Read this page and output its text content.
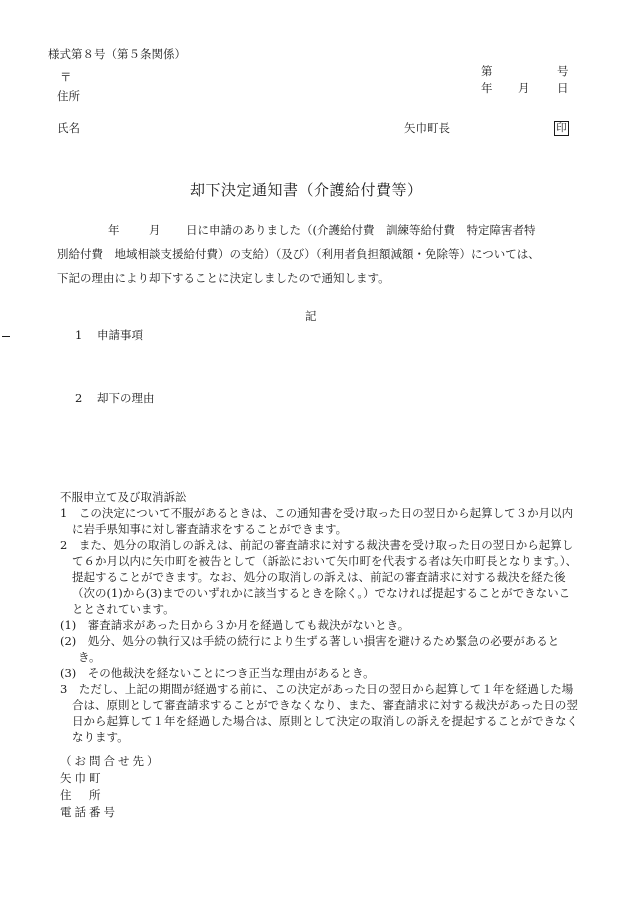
様式第８号（第５条関係）
〒
住所
第	号
年 月 日
氏名	矢巾町長	印
却下決定通知書（介護給付費等）
年	月 日に申請のありました（(介護給付費　訓練等給付費　特定障害者特
別給付費　地域相談支援給付費）の支給）（及び）（利用者負担額減額・免除等）については、
下記の理由により却下することに決定しましたので通知します。
記
1 申請事項
2 却下の理由

不服申立て及び取消訴訟

1　この決定について不服があるときは、この通知書を受け取った日の翌日から起算して３か月以内に岩手県知事に対し審査請求をすることができます。

2　また、処分の取消しの訴えは、前記の審査請求に対する裁決書を受け取った日の翌日から起算して６か月以内に矢巾町を被告として（訴訟において矢巾町を代表する者は矢巾町長となります。）、提起することができます。なお、処分の取消しの訴えは、前記の審査請求に対する裁決を経た後（次の(1)から(3)までのいずれかに該当するときを除く。）でなければ提起することができないこととされています。

(1)　審査請求があった日から３か月を経過しても裁決がないとき。

(2)　処分、処分の執行又は手続の続行により生ずる著しい損害を避けるため緊急の必要があるとき。

(3)　その他裁決を経ないことにつき正当な理由があるとき。

3　ただし、上記の期間が経過する前に、この決定があった日の翌日から起算して１年を経過した場合は、原則として審査請求することができなくなり、また、審査請求に対する裁決があった日の翌日から起算して１年を経過した場合は、原則として決定の取消しの訴えを提起することができなくなります。

（お問合せ先）

矢巾町

住　所

電話番号
